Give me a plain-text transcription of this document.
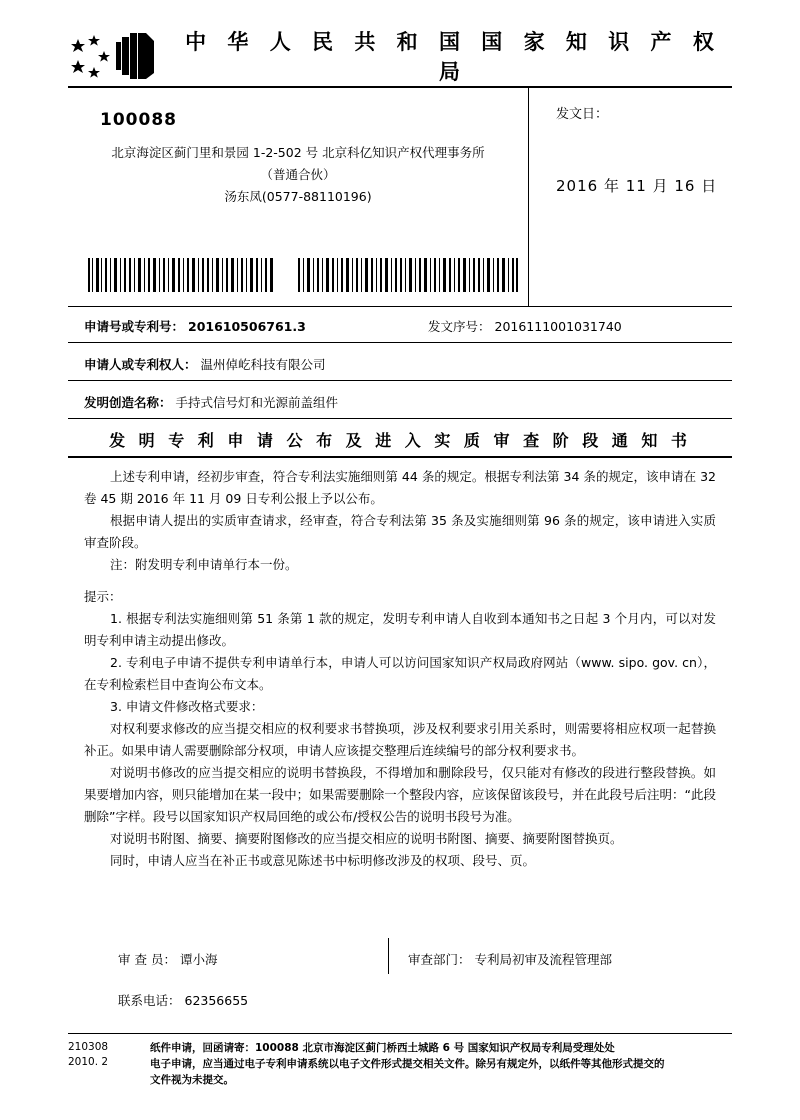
中 华 人 民 共 和 国 国 家 知 识 产 权 局
100088
北京海淀区蓟门里和景园 1-2-502 号 北京科亿知识产权代理事务所
（普通合伙）
汤东凤(0577-88110196)
发文日：
2016 年 11 月 16 日
申请号或专利号： 201610506761.3	发文序号： 2016111001031740
申请人或专利权人： 温州倬屹科技有限公司
发明创造名称： 手持式信号灯和光源前盖组件
发 明 专 利 申 请 公 布 及 进 入 实 质 审 查 阶 段 通 知 书

上述专利申请，经初步审查，符合专利法实施细则第 44 条的规定。根据专利法第 34 条的规定，该申请在 32 卷 45 期 2016 年 11 月 09 日专利公报上予以公布。

根据申请人提出的实质审查请求，经审查，符合专利法第 35 条及实施细则第 96 条的规定，该申请进入实质审查阶段。

注：附发明专利申请单行本一份。

提示：

1. 根据专利法实施细则第 51 条第 1 款的规定，发明专利申请人自收到本通知书之日起 3 个月内，可以对发明专利申请主动提出修改。

2. 专利电子申请不提供专利申请单行本，申请人可以访问国家知识产权局政府网站（www. sipo. gov. cn），在专利检索栏目中查询公布文本。

3. 申请文件修改格式要求：

对权利要求修改的应当提交相应的权利要求书替换项，涉及权利要求引用关系时，则需要将相应权项一起替换补正。如果申请人需要删除部分权项，申请人应该提交整理后连续编号的部分权利要求书。

对说明书修改的应当提交相应的说明书替换段，不得增加和删除段号，仅只能对有修改的段进行整段替换。如果要增加内容，则只能增加在某一段中；如果需要删除一个整段内容，应该保留该段号，并在此段号后注明：“此段删除”字样。段号以国家知识产权局回绝的或公布/授权公告的说明书段号为准。

对说明书附图、摘要、摘要附图修改的应当提交相应的说明书附图、摘要、摘要附图替换页。

同时，申请人应当在补正书或意见陈述书中标明修改涉及的权项、段号、页。

审 查 员： 谭小海	审查部门： 专利局初审及流程管理部
联系电话： 62356655
210308
2010. 2

纸件申请，回函请寄：100088 北京市海淀区蓟门桥西土城路 6 号 国家知识产权局专利局受理处处

电子申请，应当通过电子专利申请系统以电子文件形式提交相关文件。除另有规定外，以纸件等其他形式提交的

文件视为未提交。
